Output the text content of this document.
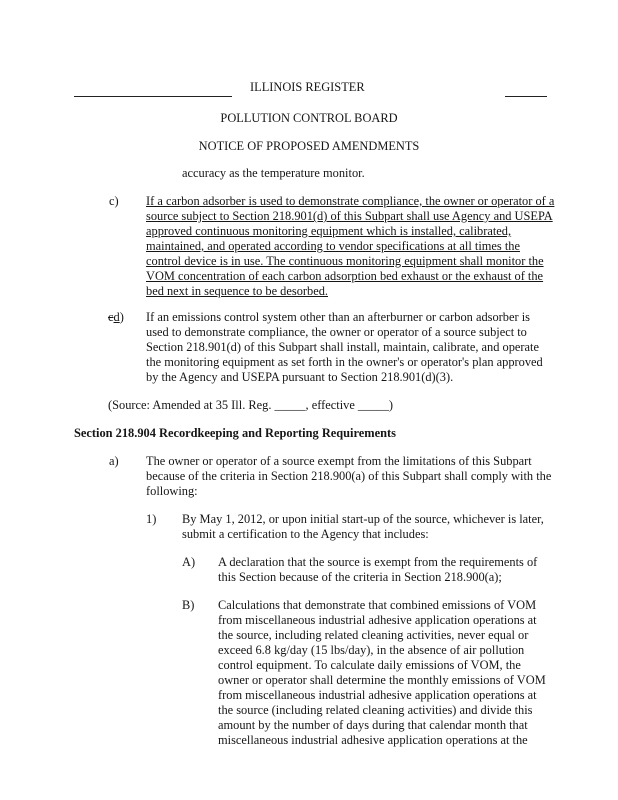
ILLINOIS REGISTER
POLLUTION CONTROL BOARD
NOTICE OF PROPOSED AMENDMENTS
accuracy as the temperature monitor.
c) If a carbon adsorber is used to demonstrate compliance, the owner or operator of a
source subject to Section 218.901(d) of this Subpart shall use Agency and USEPA
approved continuous monitoring equipment which is installed, calibrated,
maintained, and operated according to vendor specifications at all times the
control device is in use. The continuous monitoring equipment shall monitor the
VOM concentration of each carbon adsorption bed exhaust or the exhaust of the
bed next in sequence to be desorbed.
cd) If an emissions control system other than an afterburner or carbon adsorber is
used to demonstrate compliance, the owner or operator of a source subject to
Section 218.901(d) of this Subpart shall install, maintain, calibrate, and operate
the monitoring equipment as set forth in the owner's or operator's plan approved
by the Agency and USEPA pursuant to Section 218.901(d)(3).
(Source: Amended at 35 Ill. Reg. _____, effective _____)
Section 218.904 Recordkeeping and Reporting Requirements
a) The owner or operator of a source exempt from the limitations of this Subpart
because of the criteria in Section 218.900(a) of this Subpart shall comply with the
following:
1) By May 1, 2012, or upon initial start-up of the source, whichever is later,
submit a certification to the Agency that includes:
A) A declaration that the source is exempt from the requirements of
this Section because of the criteria in Section 218.900(a);
B) Calculations that demonstrate that combined emissions of VOM
from miscellaneous industrial adhesive application operations at
the source, including related cleaning activities, never equal or
exceed 6.8 kg/day (15 lbs/day), in the absence of air pollution
control equipment. To calculate daily emissions of VOM, the
owner or operator shall determine the monthly emissions of VOM
from miscellaneous industrial adhesive application operations at
the source (including related cleaning activities) and divide this
amount by the number of days during that calendar month that
miscellaneous industrial adhesive application operations at the
